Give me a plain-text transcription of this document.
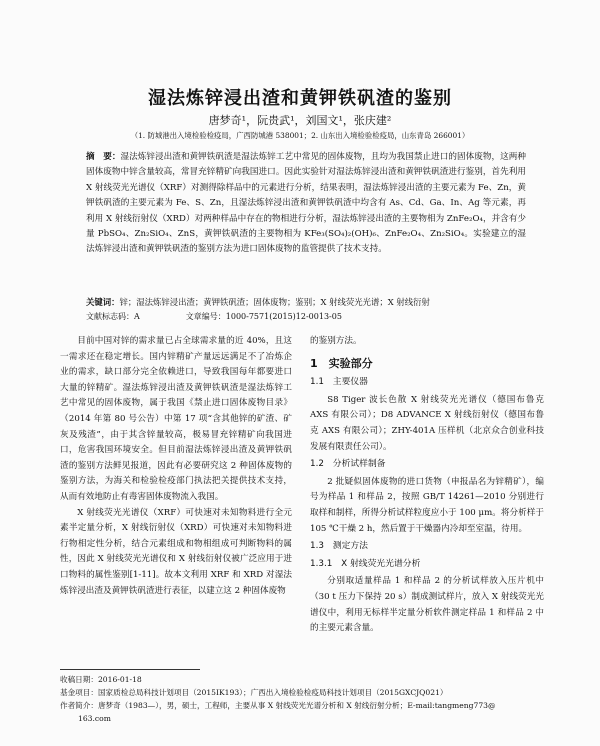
湿法炼锌浸出渣和黄钾铁矾渣的鉴别
唐梦奇¹，阮贵武¹，刘国文¹，张庆建²
（1. 防城港出入境检验检疫局，广西防城港 538001；2. 山东出入境检验检疫局，山东青岛 266001）
摘　要：湿法炼锌浸出渣和黄钾铁矾渣是湿法炼锌工艺中常见的固体废物，且均为我国禁止进口的固体废物，这两种固体废物中锌含量较高，常冒充锌精矿向我国进口。因此实验针对湿法炼锌浸出渣和黄钾铁矾渣进行鉴别，首先利用 X 射线荧光光谱仪（XRF）对测得除样品中的元素进行分析，结果表明，湿法炼锌浸出渣的主要元素为 Fe、Zn，黄钾铁矾渣的主要元素为 Fe、S、Zn，且湿法炼锌浸出渣和黄钾铁矾渣中均含有 As、Cd、Ga、In、Ag 等元素，再利用 X 射线衍射仪（XRD）对两种样品中存在的物相进行分析，湿法炼锌浸出渣的主要物相为 ZnFe₂O₄，并含有少量 PbSO₄、Zn₂SiO₄、ZnS，黄钾铁矾渣的主要物相为 KFe₃(SO₄)₂(OH)₆、ZnFe₂O₄、Zn₂SiO₄。实验建立的湿法炼锌浸出渣和黄钾铁矾渣的鉴别方法为进口固体废物的监管提供了技术支持。
关键词：锌；湿法炼锌浸出渣；黄钾铁矾渣；固体废物；鉴别；X 射线荧光光谱；X 射线衍射
文献标志码：A	文章编号：1000-7571(2015)12-0013-05

目前中国对锌的需求量已占全球需求量的近 40%，且这一需求还在稳定增长。国内锌精矿产量远远满足不了冶炼企业的需求，缺口部分完全依赖进口，导致我国每年都要进口大量的锌精矿。湿法炼锌浸出渣及黄钾铁矾渣是湿法炼锌工艺中常见的固体废物，属于我国《禁止进口固体废物目录》（2014 年第 80 号公告）中第 17 项“含其他锌的矿渣、矿灰及残渣”，由于其含锌量较高，极易冒充锌精矿向我国进口，危害我国环境安全。但目前湿法炼锌浸出渣及黄钾铁矾渣的鉴别方法鲜见报道，因此有必要研究这 2 种固体废物的鉴别方法，为海关和检验检疫部门执法把关提供技术支持，从而有效地防止有毒害固体废物流入我国。

X 射线荧光光谱仪（XRF）可快速对未知物料进行全元素半定量分析，X 射线衍射仪（XRD）可快速对未知物料进行物相定性分析，结合元素组成和物相组成可判断物料的属性，因此 X 射线荧光光谱仪和 X 射线衍射仪被广泛应用于进口物料的属性鉴别[1-11]。故本文利用 XRF 和 XRD 对湿法炼锌浸出渣及黄钾铁矾渣进行表征，以建立这 2 种固体废物

的鉴别方法。

1　实验部分
1.1　主要仪器

S8 Tiger 波长色散 X 射线荧光光谱仪（德国布鲁克 AXS 有限公司）；D8 ADVANCE X 射线衍射仪（德国布鲁克 AXS 有限公司）；ZHY-401A 压样机（北京众合创业科技发展有限责任公司）。

1.2　分析试样制备

2 批疑似固体废物的进口货物（申报品名为锌精矿），编号为样品 1 和样品 2，按照 GB/T 14261—2010 分别进行取样和制样，所得分析试样粒度应小于 100 μm。将分析样于 105 ℃干燥 2 h，然后置于干燥器内冷却至室温，待用。

1.3　测定方法
1.3.1　X 射线荧光光谱分析

分别取适量样品 1 和样品 2 的分析试样放入压片机中（30 t 压力下保持 20 s）制成测试样片，放入 X 射线荧光光谱仪中，利用无标样半定量分析软件测定样品 1 和样品 2 中的主要元素含量。

收稿日期：2016-01-18
基金项目：国家质检总局科技计划项目（2015IK193）；广西出入境检验检疫局科技计划项目（2015GXCJQ021）
作者简介：唐梦奇（1983—），男，硕士，工程师，主要从事 X 射线荧光光谱分析和 X 射线衍射分析；E-mail:tangmeng773@
163.com
